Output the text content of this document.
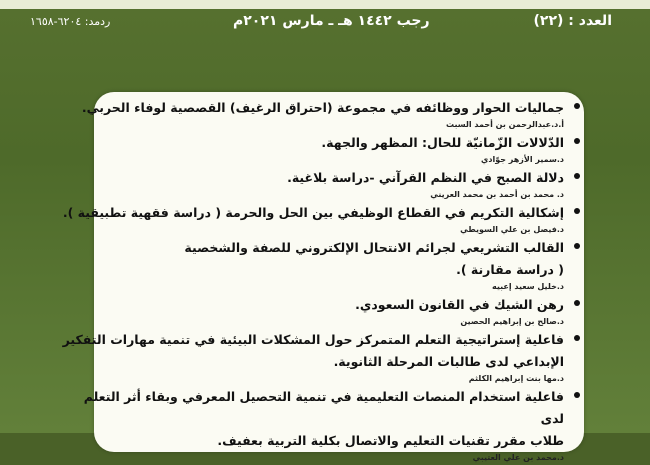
العدد : (٢٢)
رجب ١٤٤٢ هـ ـ مارس ٢٠٢١م
ردمد: ٦٢٠٤-١٦٥٨
جماليات الحوار ووظائفه في مجموعة (احتراق الرغيف) القصصية لوفاء الحربي.
أ.د.عبدالرحمن بن أحمد السبت
الدّلالات الزّمانيّة للحال: المظهر والجهة.
د.سمير الأزهر جوّادي
دلالة الصبح في النظم القرآني -دراسة بلاغية.
د. محمد بن أحمد بن محمد العريني
إشكالية التكريم في القطاع الوظيفي بين الحل والحرمة ( دراسة فقهية تطبيقية ).
د.فيصل بن علي السويطي
القالب التشريعي لجرائم الانتحال الإلكتروني للصفة والشخصية
( دراسة مقارنة ).
د.خليل سعيد إعبيه
رهن الشيك في القانون السعودي.
د.صالح بن إبراهيم الحصين
فاعلية إستراتيجية التعلم المتمركز حول المشكلات البيئية في تنمية مهارات التفكير
الإبداعي لدى طالبات المرحلة الثانوية.
د.مها بنت إبراهيم الكلثم
فاعلية استخدام المنصات التعليمية في تنمية التحصيل المعرفي وبقاء أثر التعلم لدى
طلاب مقرر تقنيات التعليم والاتصال بكلية التربية بعفيف.
د.محمد بن علي العتيبي
